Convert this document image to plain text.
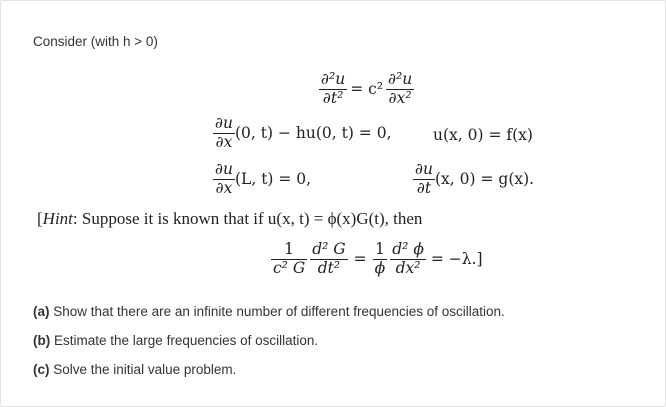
Consider (with h > 0)
$\frac{\text{∂²u}}{\text{∂t²}} = c^2 \frac{\text{∂²u}}{\text{∂x²}}$
$\frac{\partial u}{\partial x} (0$, t) − hu(0, t) = 0,	u(x, 0) = f(x)
$\frac{\partial u}{\partial x} (L$, t) = 0,	$\frac{\partial u}{\partial t} (x$, 0) = g(x).
[Hint: Suppose it is known that if u(x, t) = ϕ(x)G(t), then
$\frac{1}{\text{c² G}} \frac{\text{d² G}}{\text{dt²}} = \frac{1}{\phi} \frac{\text{d² ϕ}}{\text{dx²}} = -\lambda$.]
(a) Show that there are an infinite number of different frequencies of oscillation.
(b) Estimate the large frequencies of oscillation.
(c) Solve the initial value problem.
